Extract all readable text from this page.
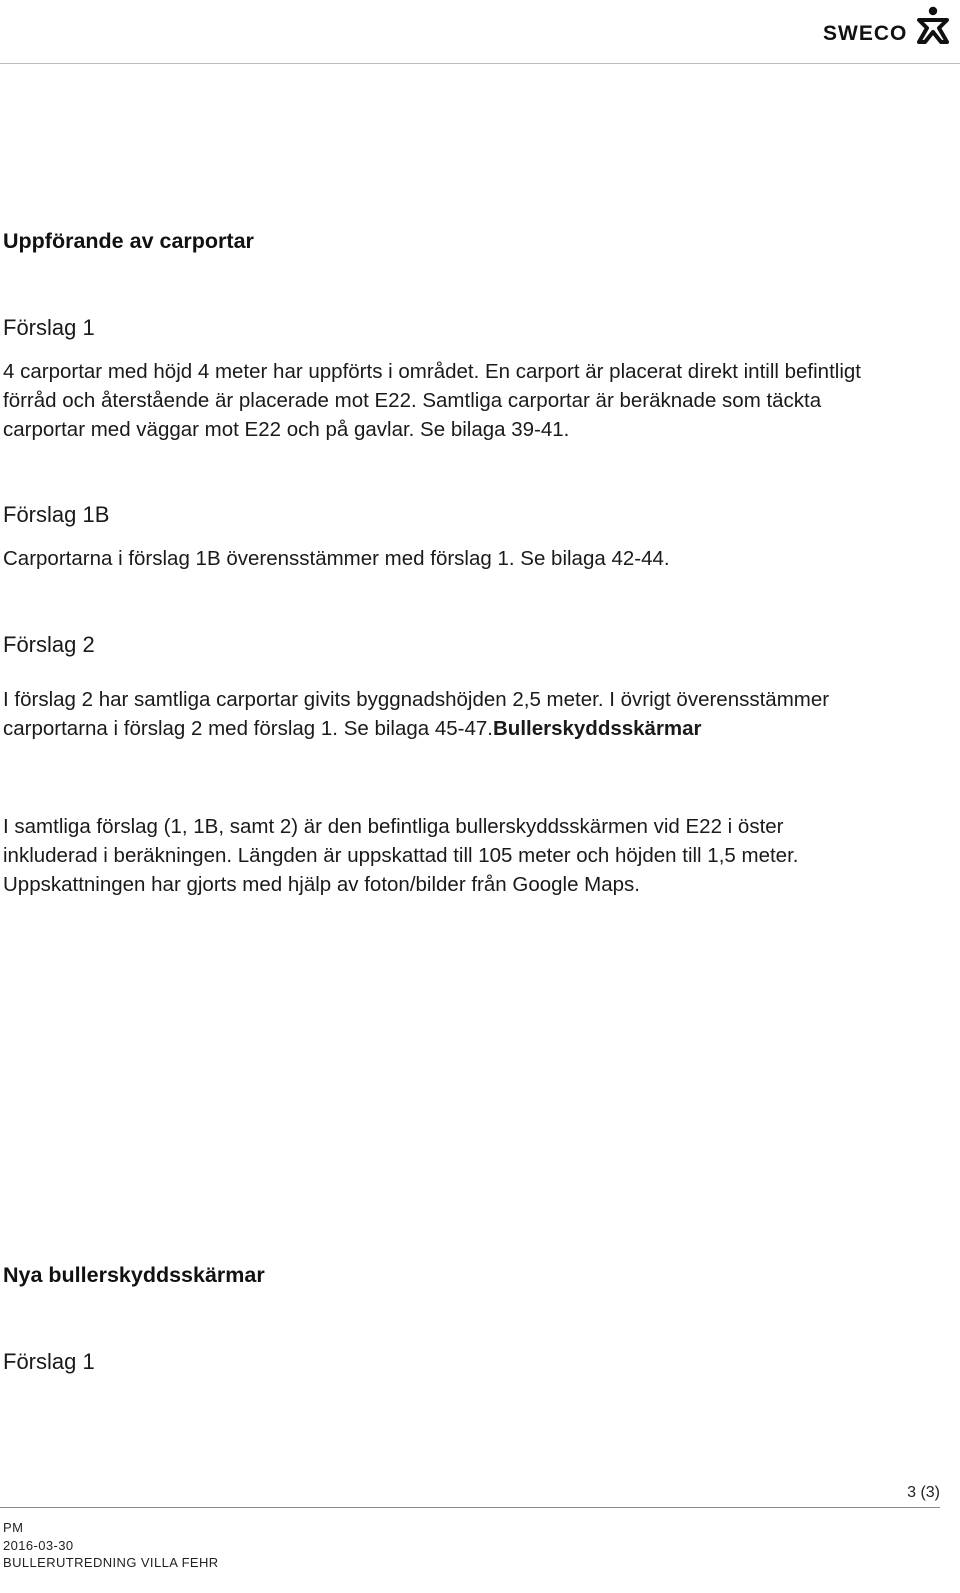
SWECO

Uppförande av carportar

Förslag 1

4 carportar med höjd 4 meter har uppförts i området. En carport är placerat direkt intill befintligt

förråd och återstående är placerade mot E22. Samtliga carportar är beräknade som täckta

carportar med väggar mot E22 och på gavlar. Se bilaga 39-41.

Förslag 1B

Carportarna i förslag 1B överensstämmer med förslag 1. Se bilaga 42-44.

Förslag 2

I förslag 2 har samtliga carportar givits byggnadshöjden 2,5 meter. I övrigt överensstämmer

carportarna i förslag 2 med förslag 1. Se bilaga 45-47.Bullerskyddsskärmar

I samtliga förslag (1, 1B, samt 2) är den befintliga bullerskyddsskärmen vid E22 i öster

inkluderad i beräkningen. Längden är uppskattad till 105 meter och höjden till 1,5 meter.

Uppskattningen har gjorts med hjälp av foton/bilder från Google Maps.

Nya bullerskyddsskärmar

Förslag 1

3 (3)

PM

2016-03-30

BULLERUTREDNING VILLA FEHR
